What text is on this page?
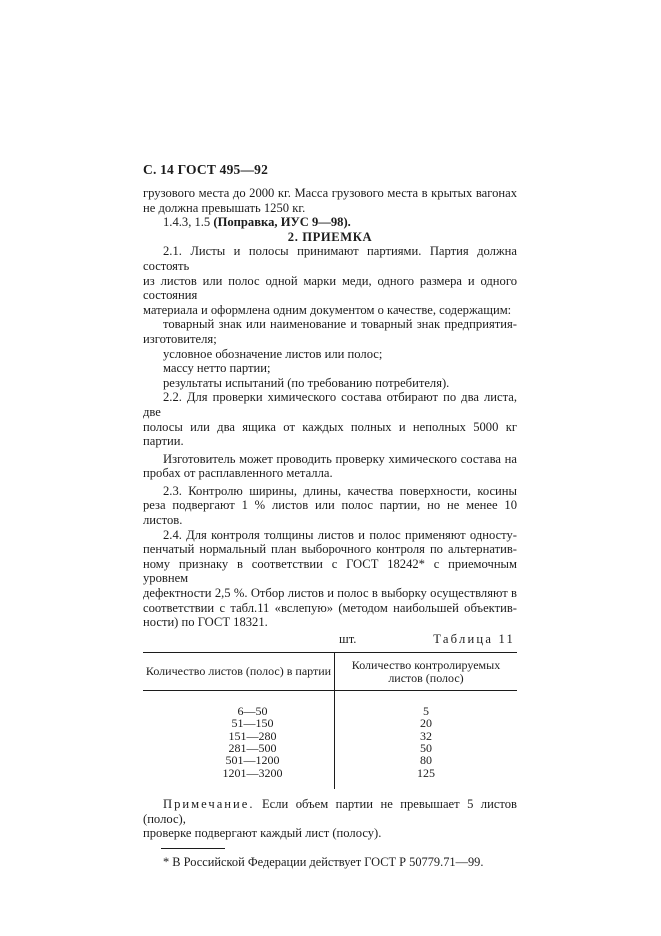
С. 14 ГОСТ 495—92

грузового места до 2000 кг. Масса грузового места в крытых вагонах

не должна превышать 1250 кг.

1.4.3, 1.5 (Поправка, ИУС 9—98).

2. ПРИЕМКА

2.1. Листы и полосы принимают партиями. Партия должна состоять

из листов или полос одной марки меди, одного размера и одного состояния

материала и оформлена одним документом о качестве, содержащим:

товарный знак или наименование и товарный знак предприятия-

изготовителя;

условное обозначение листов или полос;

массу нетто партии;

результаты испытаний (по требованию потребителя).

2.2. Для проверки химического состава отбирают по два листа, две

полосы или два ящика от каждых полных и неполных 5000 кг партии.

Изготовитель может проводить проверку химического состава на

пробах от расплавленного металла.

2.3. Контролю ширины, длины, качества поверхности, косины

реза подвергают 1 % листов или полос партии, но не менее 10 листов.

2.4. Для контроля толщины листов и полос применяют односту-

пенчатый нормальный план выборочного контроля по альтернатив-

ному признаку в соответствии с ГОСТ 18242* с приемочным уровнем

дефектности 2,5 %. Отбор листов и полос в выборку осуществляют в

соответствии с табл.11 «вслепую» (методом наибольшей объектив-

ности) по ГОСТ 18321.

шт.	Таблица 11
Количество листов (полос) в партии	Количество контролируемых листов (полос)
6—50	5
51—150	20
151—280	32
281—500	50
501—1200	80
1201—3200	125

Примечание. Если объем партии не превышает 5 листов (полос),

проверке подвергают каждый лист (полосу).

* В Российской Федерации действует ГОСТ Р 50779.71—99.
